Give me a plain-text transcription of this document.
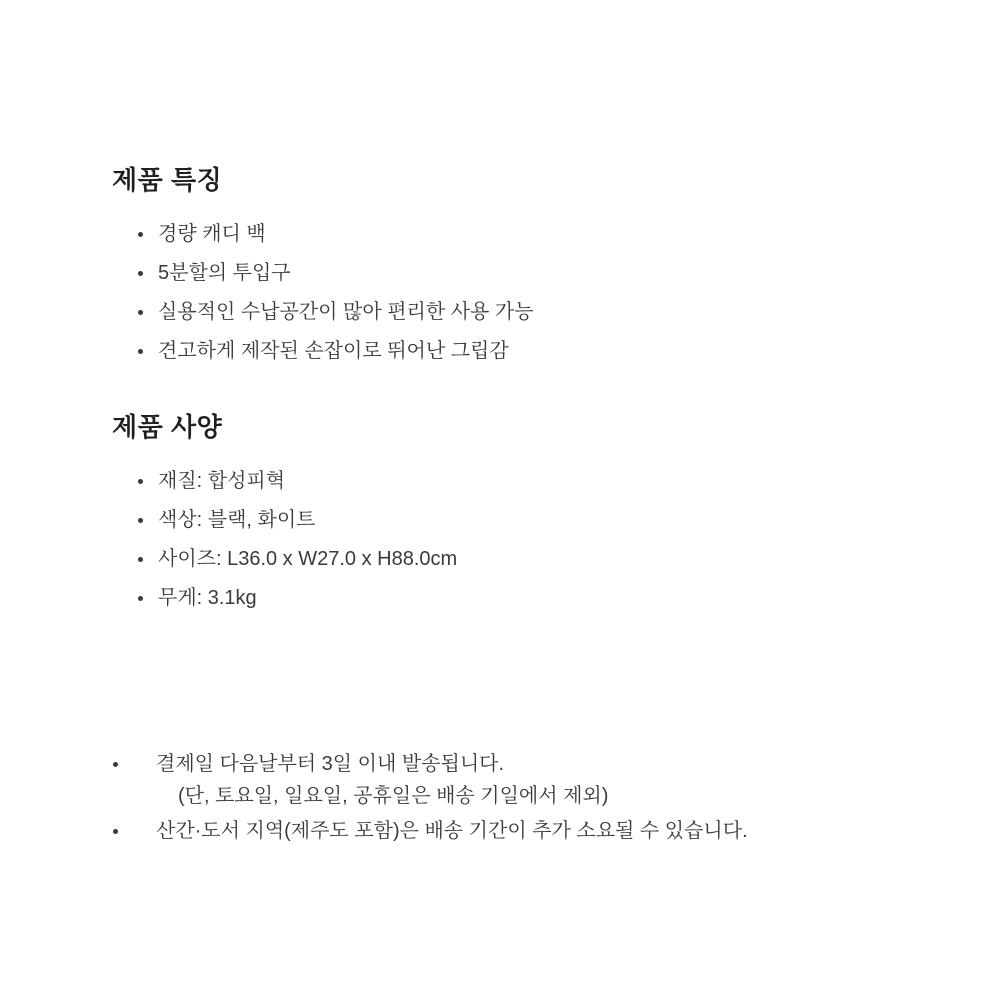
제품 특징
경량 캐디 백
5분할의 투입구
실용적인 수납공간이 많아 편리한 사용 가능
견고하게 제작된 손잡이로 뛰어난 그립감
제품 사양
재질: 합성피혁
색상: 블랙, 화이트
사이즈: L36.0 x W27.0 x H88.0cm
무게: 3.1kg
결제일 다음날부터 3일 이내 발송됩니다.
(단, 토요일, 일요일, 공휴일은 배송 기일에서 제외)
산간·도서 지역(제주도 포함)은 배송 기간이 추가 소요될 수 있습니다.
